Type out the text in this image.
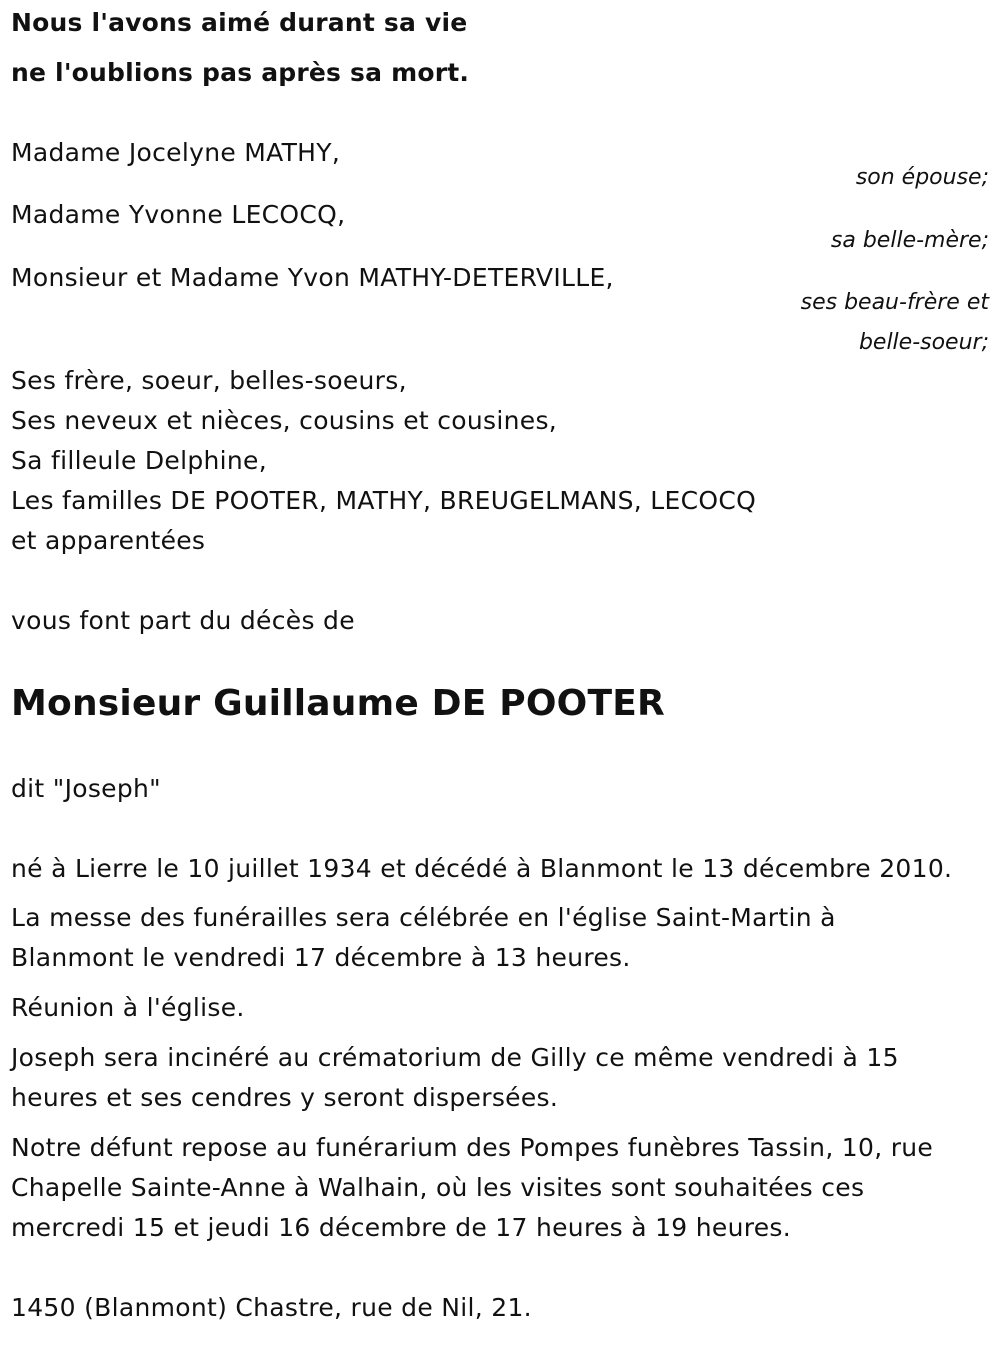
Nous l'avons aimé durant sa vie
ne l'oublions pas après sa mort.
Madame Jocelyne MATHY,
son épouse;
Madame Yvonne LECOCQ,
sa belle-mère;
Monsieur et Madame Yvon MATHY-DETERVILLE,
ses beau-frère et
belle-soeur;
Ses frère, soeur, belles-soeurs,
Ses neveux et nièces, cousins et cousines,
Sa filleule Delphine,
Les familles DE POOTER, MATHY, BREUGELMANS, LECOCQ
et apparentées
vous font part du décès de
Monsieur Guillaume DE POOTER
dit "Joseph"
né à Lierre le 10 juillet 1934 et décédé à Blanmont le 13 décembre 2010.
La messe des funérailles sera célébrée en l'église Saint-Martin à
Blanmont le vendredi 17 décembre à 13 heures.
Réunion à l'église.
Joseph sera incinéré au crématorium de Gilly ce même vendredi à 15
heures et ses cendres y seront dispersées.
Notre défunt repose au funérarium des Pompes funèbres Tassin, 10, rue
Chapelle Sainte-Anne à Walhain, où les visites sont souhaitées ces
mercredi 15 et jeudi 16 décembre de 17 heures à 19 heures.
1450 (Blanmont) Chastre, rue de Nil, 21.
